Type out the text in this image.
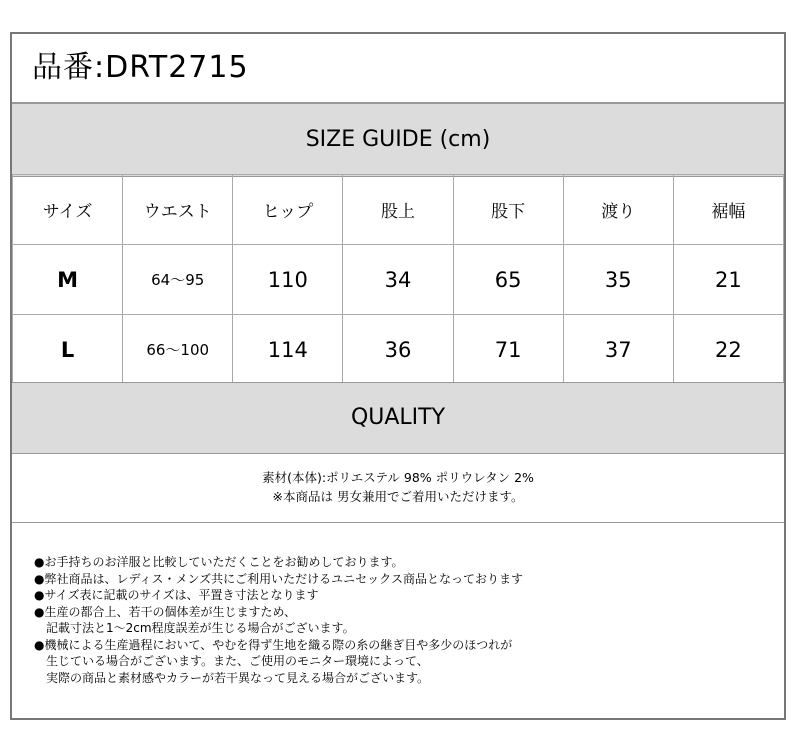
品番:DRT2715
SIZE GUIDE (cm)
サイズ	ウエスト	ヒップ	股上	股下	渡り	裾幅
M	64〜95	110	34	65	35	21
L	66〜100	114	36	71	37	22
QUALITY
素材(本体):ポリエステル 98% ポリウレタン 2%
※本商品は 男女兼用でご着用いただけます。
●お手持ちのお洋服と比較していただくことをお勧めしております。
●弊社商品は、レディス・メンズ共にご利用いただけるユニセックス商品となっております
●サイズ表に記載のサイズは、平置き寸法となります
●生産の都合上、若干の個体差が生じますため、
　記載寸法と1〜2cm程度誤差が生じる場合がございます。
●機械による生産過程において、やむを得ず生地を織る際の糸の継ぎ目や多少のほつれが
　生じている場合がございます。また、ご使用のモニター環境によって、
　実際の商品と素材感やカラーが若干異なって見える場合がございます。
